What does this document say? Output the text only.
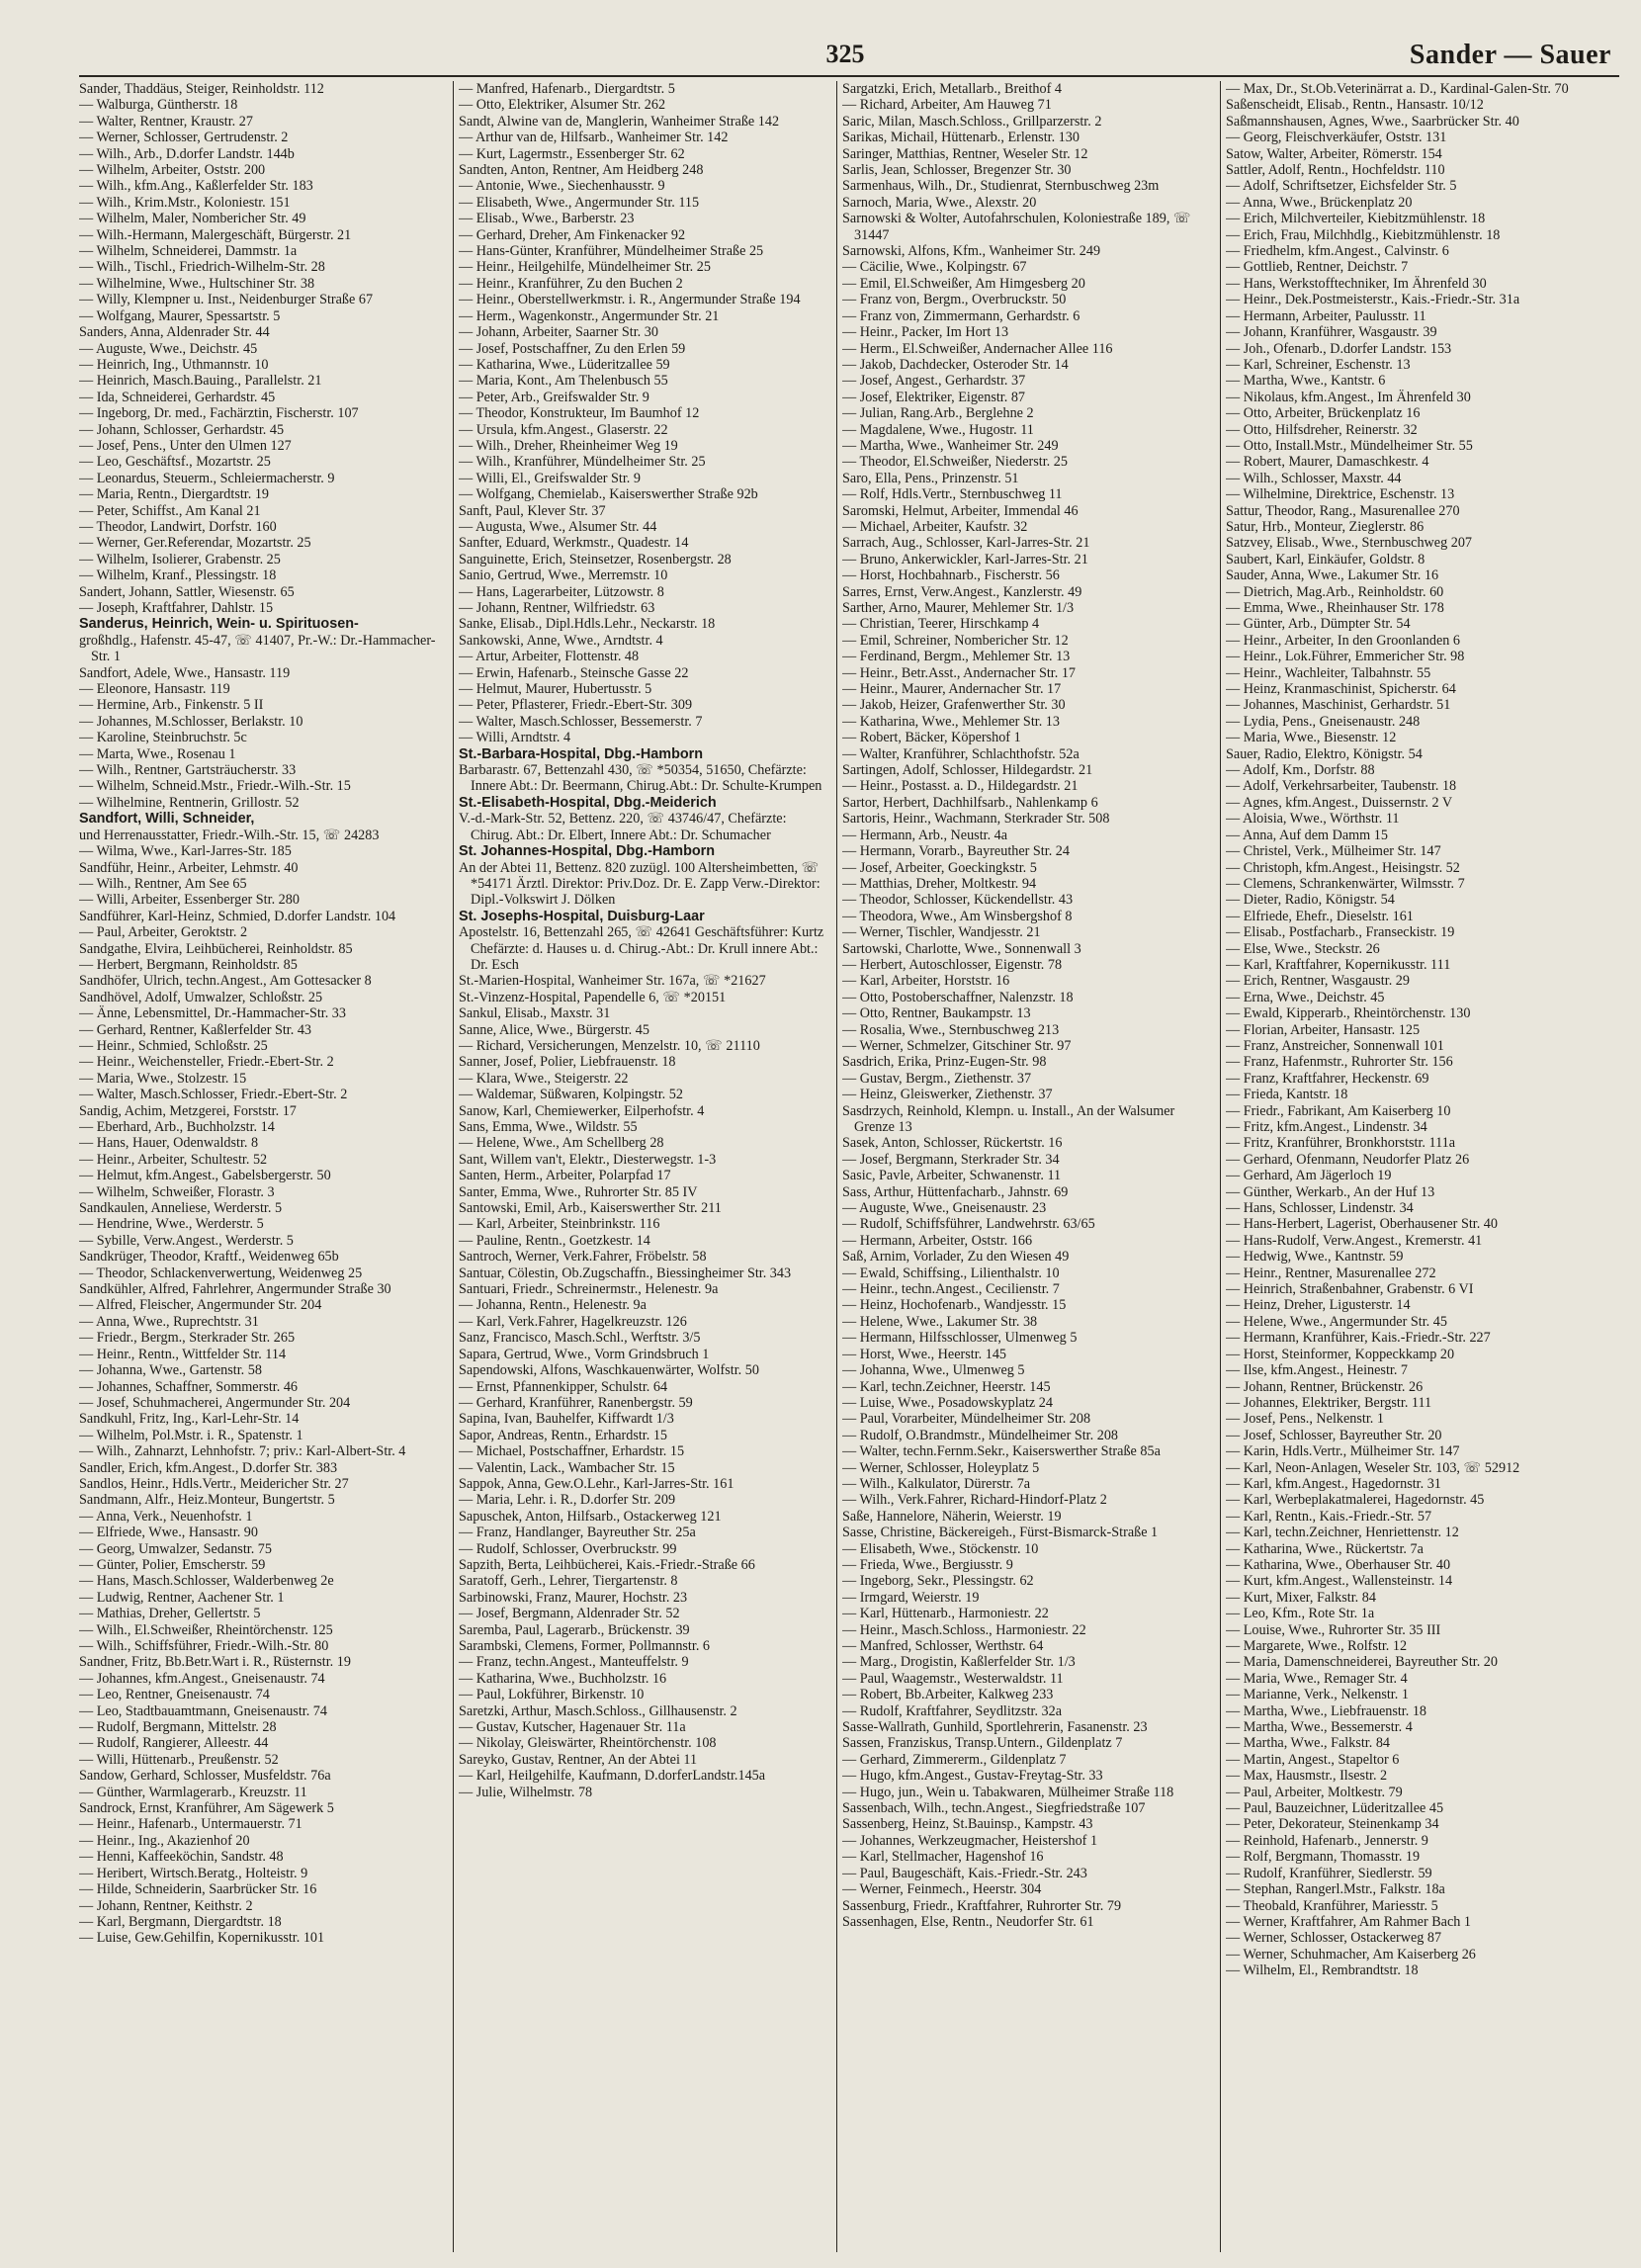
325	Sander — Sauer
Sander, Thaddäus, Steiger, Reinholdstr. 112
— Walburga, Güntherstr. 18
— Walter, Rentner, Kraustr. 27
— Werner, Schlosser, Gertrudenstr. 2
— Wilh., Arb., D.dorfer Landstr. 144b
— Wilhelm, Arbeiter, Oststr. 200
— Wilh., kfm.Ang., Kaßlerfelder Str. 183
— Wilh., Krim.Mstr., Koloniestr. 151
— Wilhelm, Maler, Nombericher Str. 49
— Wilh.-Hermann, Malergeschäft, Bürgerstr. 21
— Wilhelm, Schneiderei, Dammstr. 1a
— Wilh., Tischl., Friedrich-Wilhelm-Str. 28
— Wilhelmine, Wwe., Hultschiner Str. 38
— Willy, Klempner u. Inst., Neidenburger Straße 67
— Wolfgang, Maurer, Spessartstr. 5
Sanders, Anna, Aldenrader Str. 44
— Auguste, Wwe., Deichstr. 45
— Heinrich, Ing., Uthmannstr. 10
— Heinrich, Masch.Bauing., Parallelstr. 21
— Ida, Schneiderei, Gerhardstr. 45
— Ingeborg, Dr. med., Fachärztin, Fischerstr. 107
— Johann, Schlosser, Gerhardstr. 45
— Josef, Pens., Unter den Ulmen 127
— Leo, Geschäftsf., Mozartstr. 25
— Leonardus, Steuerm., Schleiermacherstr. 9
— Maria, Rentn., Diergardtstr. 19
— Peter, Schiffst., Am Kanal 21
— Theodor, Landwirt, Dorfstr. 160
— Werner, Ger.Referendar, Mozartstr. 25
— Wilhelm, Isolierer, Grabenstr. 25
— Wilhelm, Kranf., Plessingstr. 18
Sandert, Johann, Sattler, Wiesenstr. 65
— Joseph, Kraftfahrer, Dahlstr. 15
Sanderus, Heinrich, Wein- u. Spirituosen-
großhdlg., Hafenstr. 45-47, ☏ 41407, Pr.-W.: Dr.-Hammacher-Str. 1
Sandfort, Adele, Wwe., Hansastr. 119
— Eleonore, Hansastr. 119
— Hermine, Arb., Finkenstr. 5 II
— Johannes, M.Schlosser, Berlakstr. 10
— Karoline, Steinbruchstr. 5c
— Marta, Wwe., Rosenau 1
— Wilh., Rentner, Gartsträucherstr. 33
— Wilhelm, Schneid.Mstr., Friedr.-Wilh.-Str. 15
— Wilhelmine, Rentnerin, Grillostr. 52
Sandfort, Willi, Schneider,
und Herrenausstatter, Friedr.-Wilh.-Str. 15, ☏ 24283
— Wilma, Wwe., Karl-Jarres-Str. 185
Sandführ, Heinr., Arbeiter, Lehmstr. 40
— Wilh., Rentner, Am See 65
— Willi, Arbeiter, Essenberger Str. 280
Sandführer, Karl-Heinz, Schmied, D.dorfer Landstr. 104
— Paul, Arbeiter, Geroktstr. 2
Sandgathe, Elvira, Leihbücherei, Reinholdstr. 85
— Herbert, Bergmann, Reinholdstr. 85
Sandhöfer, Ulrich, techn.Angest., Am Gottesacker 8
Sandhövel, Adolf, Umwalzer, Schloßstr. 25
— Änne, Lebensmittel, Dr.-Hammacher-Str. 33
— Gerhard, Rentner, Kaßlerfelder Str. 43
— Heinr., Schmied, Schloßstr. 25
— Heinr., Weichensteller, Friedr.-Ebert-Str. 2
— Maria, Wwe., Stolzestr. 15
— Walter, Masch.Schlosser, Friedr.-Ebert-Str. 2
Sandig, Achim, Metzgerei, Forststr. 17
— Eberhard, Arb., Buchholzstr. 14
— Hans, Hauer, Odenwaldstr. 8
— Heinr., Arbeiter, Schultestr. 52
— Helmut, kfm.Angest., Gabelsbergerstr. 50
— Wilhelm, Schweißer, Florastr. 3
Sandkaulen, Anneliese, Werderstr. 5
— Hendrine, Wwe., Werderstr. 5
— Sybille, Verw.Angest., Werderstr. 5
Sandkrüger, Theodor, Kraftf., Weidenweg 65b
— Theodor, Schlackenverwertung, Weidenweg 25
Sandkühler, Alfred, Fahrlehrer, Angermunder Straße 30
— Alfred, Fleischer, Angermunder Str. 204
— Anna, Wwe., Ruprechtstr. 31
— Friedr., Bergm., Sterkrader Str. 265
— Heinr., Rentn., Wittfelder Str. 114
— Johanna, Wwe., Gartenstr. 58
— Johannes, Schaffner, Sommerstr. 46
— Josef, Schuhmacherei, Angermunder Str. 204
Sandkuhl, Fritz, Ing., Karl-Lehr-Str. 14
— Wilhelm, Pol.Mstr. i. R., Spatenstr. 1
— Wilh., Zahnarzt, Lehnhofstr. 7; priv.: Karl-Albert-Str. 4
Sandler, Erich, kfm.Angest., D.dorfer Str. 383
Sandlos, Heinr., Hdls.Vertr., Meidericher Str. 27
Sandmann, Alfr., Heiz.Monteur, Bungertstr. 5
— Anna, Verk., Neuenhofstr. 1
— Elfriede, Wwe., Hansastr. 90
— Georg, Umwalzer, Sedanstr. 75
— Günter, Polier, Emscherstr. 59
— Hans, Masch.Schlosser, Walderbenweg 2e
— Ludwig, Rentner, Aachener Str. 1
— Mathias, Dreher, Gellertstr. 5
— Wilh., El.Schweißer, Rheintörchenstr. 125
— Wilh., Schiffsführer, Friedr.-Wilh.-Str. 80
Sandner, Fritz, Bb.Betr.Wart i. R., Rüsternstr. 19
— Johannes, kfm.Angest., Gneisenaustr. 74
— Leo, Rentner, Gneisenaustr. 74
— Leo, Stadtbauamtmann, Gneisenaustr. 74
— Rudolf, Bergmann, Mittelstr. 28
— Rudolf, Rangierer, Alleestr. 44
— Willi, Hüttenarb., Preußenstr. 52
Sandow, Gerhard, Schlosser, Musfeldstr. 76a
— Günther, Warmlagerarb., Kreuzstr. 11
Sandrock, Ernst, Kranführer, Am Sägewerk 5
— Heinr., Hafenarb., Untermauerstr. 71
— Heinr., Ing., Akazienhof 20
— Henni, Kaffeeköchin, Sandstr. 48
— Heribert, Wirtsch.Beratg., Holteistr. 9
— Hilde, Schneiderin, Saarbrücker Str. 16
— Johann, Rentner, Keithstr. 2
— Karl, Bergmann, Diergardtstr. 18
— Luise, Gew.Gehilfin, Kopernikusstr. 101
— Manfred, Hafenarb., Diergardtstr. 5
— Otto, Elektriker, Alsumer Str. 262
Sandt, Alwine van de, Manglerin, Wanheimer Straße 142
— Arthur van de, Hilfsarb., Wanheimer Str. 142
— Kurt, Lagermstr., Essenberger Str. 62
Sandten, Anton, Rentner, Am Heidberg 248
— Antonie, Wwe., Siechenhausstr. 9
— Elisabeth, Wwe., Angermunder Str. 115
— Elisab., Wwe., Barberstr. 23
— Gerhard, Dreher, Am Finkenacker 92
— Hans-Günter, Kranführer, Mündelheimer Straße 25
— Heinr., Heilgehilfe, Mündelheimer Str. 25
— Heinr., Kranführer, Zu den Buchen 2
— Heinr., Oberstellwerkmstr. i. R., Angermunder Straße 194
— Herm., Wagenkonstr., Angermunder Str. 21
— Johann, Arbeiter, Saarner Str. 30
— Josef, Postschaffner, Zu den Erlen 59
— Katharina, Wwe., Lüderitzallee 59
— Maria, Kont., Am Thelenbusch 55
— Peter, Arb., Greifswalder Str. 9
— Theodor, Konstrukteur, Im Baumhof 12
— Ursula, kfm.Angest., Glaserstr. 22
— Wilh., Dreher, Rheinheimer Weg 19
— Wilh., Kranführer, Mündelheimer Str. 25
— Willi, El., Greifswalder Str. 9
— Wolfgang, Chemielab., Kaiserswerther Straße 92b
Sanft, Paul, Klever Str. 37
— Augusta, Wwe., Alsumer Str. 44
Sanfter, Eduard, Werkmstr., Quadestr. 14
Sanguinette, Erich, Steinsetzer, Rosenbergstr. 28
Sanio, Gertrud, Wwe., Merremstr. 10
— Hans, Lagerarbeiter, Lützowstr. 8
— Johann, Rentner, Wilfriedstr. 63
Sanke, Elisab., Dipl.Hdls.Lehr., Neckarstr. 18
Sankowski, Anne, Wwe., Arndtstr. 4
— Artur, Arbeiter, Flottenstr. 48
— Erwin, Hafenarb., Steinsche Gasse 22
— Helmut, Maurer, Hubertusstr. 5
— Peter, Pflasterer, Friedr.-Ebert-Str. 309
— Walter, Masch.Schlosser, Bessemerstr. 7
— Willi, Arndtstr. 4
St.-Barbara-Hospital, Dbg.-Hamborn
Barbarastr. 67, Bettenzahl 430, ☏ *50354, 51650, Chefärzte: Innere Abt.: Dr. Beermann, Chirug.Abt.: Dr. Schulte-Krumpen
St.-Elisabeth-Hospital, Dbg.-Meiderich
V.-d.-Mark-Str. 52, Bettenz. 220, ☏ 43746/47, Chefärzte: Chirug. Abt.: Dr. Elbert, Innere Abt.: Dr. Schumacher
St. Johannes-Hospital, Dbg.-Hamborn
An der Abtei 11, Bettenz. 820 zuzügl. 100 Altersheimbetten, ☏ *54171 Ärztl. Direktor: Priv.Doz. Dr. E. Zapp Verw.-Direktor: Dipl.-Volkswirt J. Dölken
St. Josephs-Hospital, Duisburg-Laar
Apostelstr. 16, Bettenzahl 265, ☏ 42641 Geschäftsführer: Kurtz Chefärzte: d. Hauses u. d. Chirug.-Abt.: Dr. Krull innere Abt.: Dr. Esch
St.-Marien-Hospital, Wanheimer Str. 167a, ☏ *21627
St.-Vinzenz-Hospital, Papendelle 6, ☏ *20151
Sankul, Elisab., Maxstr. 31
Sanne, Alice, Wwe., Bürgerstr. 45
— Richard, Versicherungen, Menzelstr. 10, ☏ 21110
Sanner, Josef, Polier, Liebfrauenstr. 18
— Klara, Wwe., Steigerstr. 22
— Waldemar, Süßwaren, Kolpingstr. 52
Sanow, Karl, Chemiewerker, Eilperhofstr. 4
Sans, Emma, Wwe., Wildstr. 55
— Helene, Wwe., Am Schellberg 28
Sant, Willem van't, Elektr., Diesterwegstr. 1-3
Santen, Herm., Arbeiter, Polarpfad 17
Santer, Emma, Wwe., Ruhrorter Str. 85 IV
Santowski, Emil, Arb., Kaiserswerther Str. 211
— Karl, Arbeiter, Steinbrinkstr. 116
— Pauline, Rentn., Goetzkestr. 14
Santroch, Werner, Verk.Fahrer, Fröbelstr. 58
Santuar, Cölestin, Ob.Zugschaffn., Biessingheimer Str. 343
Santuari, Friedr., Schreinermstr., Helenestr. 9a
— Johanna, Rentn., Helenestr. 9a
— Karl, Verk.Fahrer, Hagelkreuzstr. 126
Sanz, Francisco, Masch.Schl., Werftstr. 3/5
Sapara, Gertrud, Wwe., Vorm Grindsbruch 1
Sapendowski, Alfons, Waschkauenwärter, Wolfstr. 50
— Ernst, Pfannenkipper, Schulstr. 64
— Gerhard, Kranführer, Ranenbergstr. 59
Sapina, Ivan, Bauhelfer, Kiffwardt 1/3
Sapor, Andreas, Rentn., Erhardstr. 15
— Michael, Postschaffner, Erhardstr. 15
— Valentin, Lack., Wambacher Str. 15
Sappok, Anna, Gew.O.Lehr., Karl-Jarres-Str. 161
— Maria, Lehr. i. R., D.dorfer Str. 209
Sapuschek, Anton, Hilfsarb., Ostackerweg 121
— Franz, Handlanger, Bayreuther Str. 25a
— Rudolf, Schlosser, Overbruckstr. 99
Sapzith, Berta, Leihbücherei, Kais.-Friedr.-Straße 66
Saratoff, Gerh., Lehrer, Tiergartenstr. 8
Sarbinowski, Franz, Maurer, Hochstr. 23
— Josef, Bergmann, Aldenrader Str. 52
Saremba, Paul, Lagerarb., Brückenstr. 39
Sarambski, Clemens, Former, Pollmannstr. 6
— Franz, techn.Angest., Manteuffelstr. 9
— Katharina, Wwe., Buchholzstr. 16
— Paul, Lokführer, Birkenstr. 10
Saretzki, Arthur, Masch.Schloss., Gillhausenstr. 2
— Gustav, Kutscher, Hagenauer Str. 11a
— Nikolay, Gleiswärter, Rheintörchenstr. 108
Sareyko, Gustav, Rentner, An der Abtei 11
— Karl, Heilgehilfe, Kaufmann, D.dorferLandstr.145a
— Julie, Wilhelmstr. 78
Sargatzki, Erich, Metallarb., Breithof 4
— Richard, Arbeiter, Am Hauweg 71
Saric, Milan, Masch.Schloss., Grillparzerstr. 2
Sarikas, Michail, Hüttenarb., Erlenstr. 130
Saringer, Matthias, Rentner, Weseler Str. 12
Sarlis, Jean, Schlosser, Bregenzer Str. 30
Sarmenhaus, Wilh., Dr., Studienrat, Sternbuschweg 23m
Sarnoch, Maria, Wwe., Alexstr. 20
Sarnowski & Wolter, Autofahrschulen, Koloniestraße 189, ☏ 31447
Sarnowski, Alfons, Kfm., Wanheimer Str. 249
— Cäcilie, Wwe., Kolpingstr. 67
— Emil, El.Schweißer, Am Himgesberg 20
— Franz von, Bergm., Overbruckstr. 50
— Franz von, Zimmermann, Gerhardstr. 6
— Heinr., Packer, Im Hort 13
— Herm., El.Schweißer, Andernacher Allee 116
— Jakob, Dachdecker, Osteroder Str. 14
— Josef, Angest., Gerhardstr. 37
— Josef, Elektriker, Eigenstr. 87
— Julian, Rang.Arb., Berglehne 2
— Magdalene, Wwe., Hugostr. 11
— Martha, Wwe., Wanheimer Str. 249
— Theodor, El.Schweißer, Niederstr. 25
Saro, Ella, Pens., Prinzenstr. 51
— Rolf, Hdls.Vertr., Sternbuschweg 11
Saromski, Helmut, Arbeiter, Immendal 46
— Michael, Arbeiter, Kaufstr. 32
Sarrach, Aug., Schlosser, Karl-Jarres-Str. 21
— Bruno, Ankerwickler, Karl-Jarres-Str. 21
— Horst, Hochbahnarb., Fischerstr. 56
Sarres, Ernst, Verw.Angest., Kanzlerstr. 49
Sarther, Arno, Maurer, Mehlemer Str. 1/3
— Christian, Teerer, Hirschkamp 4
— Emil, Schreiner, Nombericher Str. 12
— Ferdinand, Bergm., Mehlemer Str. 13
— Heinr., Betr.Asst., Andernacher Str. 17
— Heinr., Maurer, Andernacher Str. 17
— Jakob, Heizer, Grafenwerther Str. 30
— Katharina, Wwe., Mehlemer Str. 13
— Robert, Bäcker, Köpershof 1
— Walter, Kranführer, Schlachthofstr. 52a
Sartingen, Adolf, Schlosser, Hildegardstr. 21
— Heinr., Postasst. a. D., Hildegardstr. 21
Sartor, Herbert, Dachhilfsarb., Nahlenkamp 6
Sartoris, Heinr., Wachmann, Sterkrader Str. 508
— Hermann, Arb., Neustr. 4a
— Hermann, Vorarb., Bayreuther Str. 24
— Josef, Arbeiter, Goeckingkstr. 5
— Matthias, Dreher, Moltkestr. 94
— Theodor, Schlosser, Kückendellstr. 43
— Theodora, Wwe., Am Winsbergshof 8
— Werner, Tischler, Wandjesstr. 21
Sartowski, Charlotte, Wwe., Sonnenwall 3
— Herbert, Autoschlosser, Eigenstr. 78
— Karl, Arbeiter, Horststr. 16
— Otto, Postoberschaffner, Nalenzstr. 18
— Otto, Rentner, Baukampstr. 13
— Rosalia, Wwe., Sternbuschweg 213
— Werner, Schmelzer, Gitschiner Str. 97
Sasdrich, Erika, Prinz-Eugen-Str. 98
— Gustav, Bergm., Ziethenstr. 37
— Heinz, Gleiswerker, Ziethenstr. 37
Sasdrzych, Reinhold, Klempn. u. Install., An der Walsumer Grenze 13
Sasek, Anton, Schlosser, Rückertstr. 16
— Josef, Bergmann, Sterkrader Str. 34
Sasic, Pavle, Arbeiter, Schwanenstr. 11
Sass, Arthur, Hüttenfacharb., Jahnstr. 69
— Auguste, Wwe., Gneisenaustr. 23
— Rudolf, Schiffsführer, Landwehrstr. 63/65
— Hermann, Arbeiter, Oststr. 166
Saß, Arnim, Vorlader, Zu den Wiesen 49
— Ewald, Schiffsing., Lilienthalstr. 10
— Heinr., techn.Angest., Cecilienstr. 7
— Heinz, Hochofenarb., Wandjesstr. 15
— Helene, Wwe., Lakumer Str. 38
— Hermann, Hilfsschlosser, Ulmenweg 5
— Horst, Wwe., Heerstr. 145
— Johanna, Wwe., Ulmenweg 5
— Karl, techn.Zeichner, Heerstr. 145
— Luise, Wwe., Posadowskyplatz 24
— Paul, Vorarbeiter, Mündelheimer Str. 208
— Rudolf, O.Brandmstr., Mündelheimer Str. 208
— Walter, techn.Fernm.Sekr., Kaiserswerther Straße 85a
— Werner, Schlosser, Holeyplatz 5
— Wilh., Kalkulator, Dürerstr. 7a
— Wilh., Verk.Fahrer, Richard-Hindorf-Platz 2
Saße, Hannelore, Näherin, Weierstr. 19
Sasse, Christine, Bäckereigeh., Fürst-Bismarck-Straße 1
— Elisabeth, Wwe., Stöckenstr. 10
— Frieda, Wwe., Bergiusstr. 9
— Ingeborg, Sekr., Plessingstr. 62
— Irmgard, Weierstr. 19
— Karl, Hüttenarb., Harmoniestr. 22
— Heinr., Masch.Schloss., Harmoniestr. 22
— Manfred, Schlosser, Werthstr. 64
— Marg., Drogistin, Kaßlerfelder Str. 1/3
— Paul, Waagemstr., Westerwaldstr. 11
— Robert, Bb.Arbeiter, Kalkweg 233
— Rudolf, Kraftfahrer, Seydlitzstr. 32a
Sasse-Wallrath, Gunhild, Sportlehrerin, Fasanenstr. 23
Sassen, Franziskus, Transp.Untern., Gildenplatz 7
— Gerhard, Zimmererm., Gildenplatz 7
— Hugo, kfm.Angest., Gustav-Freytag-Str. 33
— Hugo, jun., Wein u. Tabakwaren, Mülheimer Straße 118
Sassenbach, Wilh., techn.Angest., Siegfriedstraße 107
Sassenberg, Heinz, St.Bauinsp., Kampstr. 43
— Johannes, Werkzeugmacher, Heistershof 1
— Karl, Stellmacher, Hagenshof 16
— Paul, Baugeschäft, Kais.-Friedr.-Str. 243
— Werner, Feinmech., Heerstr. 304
Sassenburg, Friedr., Kraftfahrer, Ruhrorter Str. 79
Sassenhagen, Else, Rentn., Neudorfer Str. 61
— Max, Dr., St.Ob.Veterinärrat a. D., Kardinal-Galen-Str. 70
Saßenscheidt, Elisab., Rentn., Hansastr. 10/12
Saßmannshausen, Agnes, Wwe., Saarbrücker Str. 40
— Georg, Fleischverkäufer, Oststr. 131
Satow, Walter, Arbeiter, Römerstr. 154
Sattler, Adolf, Rentn., Hochfeldstr. 110
— Adolf, Schriftsetzer, Eichsfelder Str. 5
— Anna, Wwe., Brückenplatz 20
— Erich, Milchverteiler, Kiebitzmühlenstr. 18
— Erich, Frau, Milchhdlg., Kiebitzmühlenstr. 18
— Friedhelm, kfm.Angest., Calvinstr. 6
— Gottlieb, Rentner, Deichstr. 7
— Hans, Werkstofftechniker, Im Ährenfeld 30
— Heinr., Dek.Postmeisterstr., Kais.-Friedr.-Str. 31a
— Hermann, Arbeiter, Paulusstr. 11
— Johann, Kranführer, Wasgaustr. 39
— Joh., Ofenarb., D.dorfer Landstr. 153
— Karl, Schreiner, Eschenstr. 13
— Martha, Wwe., Kantstr. 6
— Nikolaus, kfm.Angest., Im Ährenfeld 30
— Otto, Arbeiter, Brückenplatz 16
— Otto, Hilfsdreher, Reinerstr. 32
— Otto, Install.Mstr., Mündelheimer Str. 55
— Robert, Maurer, Damaschkestr. 4
— Wilh., Schlosser, Maxstr. 44
— Wilhelmine, Direktrice, Eschenstr. 13
Sattur, Theodor, Rang., Masurenallee 270
Satur, Hrb., Monteur, Zieglerstr. 86
Satzvey, Elisab., Wwe., Sternbuschweg 207
Saubert, Karl, Einkäufer, Goldstr. 8
Sauder, Anna, Wwe., Lakumer Str. 16
— Dietrich, Mag.Arb., Reinholdstr. 60
— Emma, Wwe., Rheinhauser Str. 178
— Günter, Arb., Dümpter Str. 54
— Heinr., Arbeiter, In den Groonlanden 6
— Heinr., Lok.Führer, Emmericher Str. 98
— Heinr., Wachleiter, Talbahnstr. 55
— Heinz, Kranmaschinist, Spicherstr. 64
— Johannes, Maschinist, Gerhardstr. 51
— Lydia, Pens., Gneisenaustr. 248
— Maria, Wwe., Biesenstr. 12
Sauer, Radio, Elektro, Königstr. 54
— Adolf, Km., Dorfstr. 88
— Adolf, Verkehrsarbeiter, Taubenstr. 18
— Agnes, kfm.Angest., Duissernstr. 2 V
— Aloisia, Wwe., Wörthstr. 11
— Anna, Auf dem Damm 15
— Christel, Verk., Mülheimer Str. 147
— Christoph, kfm.Angest., Heisingstr. 52
— Clemens, Schrankenwärter, Wilmsstr. 7
— Dieter, Radio, Königstr. 54
— Elfriede, Ehefr., Dieselstr. 161
— Elisab., Postfacharb., Franseckistr. 19
— Else, Wwe., Steckstr. 26
— Karl, Kraftfahrer, Kopernikusstr. 111
— Erich, Rentner, Wasgaustr. 29
— Erna, Wwe., Deichstr. 45
— Ewald, Kipperarb., Rheintörchenstr. 130
— Florian, Arbeiter, Hansastr. 125
— Franz, Anstreicher, Sonnenwall 101
— Franz, Hafenmstr., Ruhrorter Str. 156
— Franz, Kraftfahrer, Heckenstr. 69
— Frieda, Kantstr. 18
— Friedr., Fabrikant, Am Kaiserberg 10
— Fritz, kfm.Angest., Lindenstr. 34
— Fritz, Kranführer, Bronkhorststr. 111a
— Gerhard, Ofenmann, Neudorfer Platz 26
— Gerhard, Am Jägerloch 19
— Günther, Werkarb., An der Huf 13
— Hans, Schlosser, Lindenstr. 34
— Hans-Herbert, Lagerist, Oberhausener Str. 40
— Hans-Rudolf, Verw.Angest., Kremerstr. 41
— Hedwig, Wwe., Kantnstr. 59
— Heinr., Rentner, Masurenallee 272
— Heinrich, Straßenbahner, Grabenstr. 6 VI
— Heinz, Dreher, Ligusterstr. 14
— Helene, Wwe., Angermunder Str. 45
— Hermann, Kranführer, Kais.-Friedr.-Str. 227
— Horst, Steinformer, Koppeckkamp 20
— Ilse, kfm.Angest., Heinestr. 7
— Johann, Rentner, Brückenstr. 26
— Johannes, Elektriker, Bergstr. 111
— Josef, Pens., Nelkenstr. 1
— Josef, Schlosser, Bayreuther Str. 20
— Karin, Hdls.Vertr., Mülheimer Str. 147
— Karl, Neon-Anlagen, Weseler Str. 103, ☏ 52912
— Karl, kfm.Angest., Hagedornstr. 31
— Karl, Werbeplakatmalerei, Hagedornstr. 45
— Karl, Rentn., Kais.-Friedr.-Str. 57
— Karl, techn.Zeichner, Henriettenstr. 12
— Katharina, Wwe., Rückertstr. 7a
— Katharina, Wwe., Oberhauser Str. 40
— Kurt, kfm.Angest., Wallensteinstr. 14
— Kurt, Mixer, Falkstr. 84
— Leo, Kfm., Rote Str. 1a
— Louise, Wwe., Ruhrorter Str. 35 III
— Margarete, Wwe., Rolfstr. 12
— Maria, Damenschneiderei, Bayreuther Str. 20
— Maria, Wwe., Remager Str. 4
— Marianne, Verk., Nelkenstr. 1
— Martha, Wwe., Liebfrauenstr. 18
— Martha, Wwe., Bessemerstr. 4
— Martha, Wwe., Falkstr. 84
— Martin, Angest., Stapeltor 6
— Max, Hausmstr., Ilsestr. 2
— Paul, Arbeiter, Moltkestr. 79
— Paul, Bauzeichner, Lüderitzallee 45
— Peter, Dekorateur, Steinenkamp 34
— Reinhold, Hafenarb., Jennerstr. 9
— Rolf, Bergmann, Thomasstr. 19
— Rudolf, Kranführer, Siedlerstr. 59
— Stephan, Rangerl.Mstr., Falkstr. 18a
— Theobald, Kranführer, Mariesstr. 5
— Werner, Kraftfahrer, Am Rahmer Bach 1
— Werner, Schlosser, Ostackerweg 87
— Werner, Schuhmacher, Am Kaiserberg 26
— Wilhelm, El., Rembrandtstr. 18
